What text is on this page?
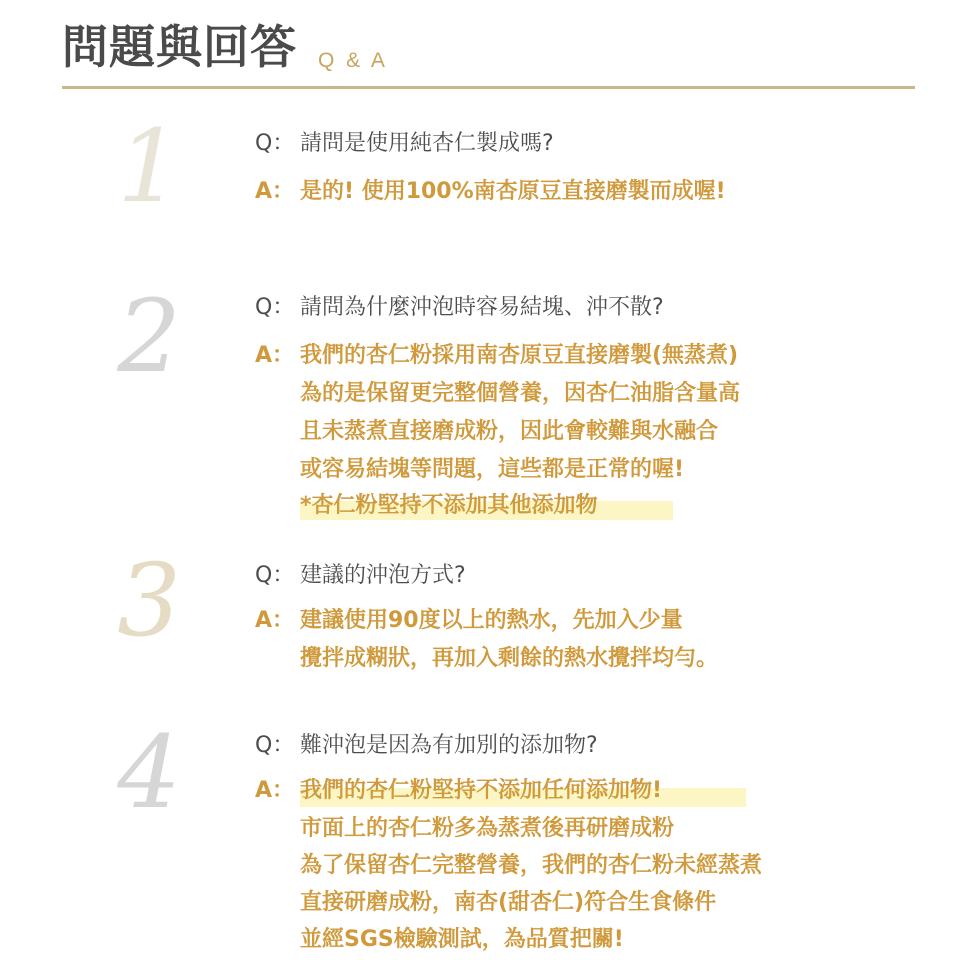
問題與回答 Q & A
1	Q： 請問是使用純杏仁製成嗎?
A： 是的! 使用100%南杏原豆直接磨製而成喔!
2	Q： 請問為什麼沖泡時容易結塊、沖不散?
A： 我們的杏仁粉採用南杏原豆直接磨製(無蒸煮)
為的是保留更完整個營養，因杏仁油脂含量高
且未蒸煮直接磨成粉，因此會較難與水融合
或容易結塊等問題，這些都是正常的喔!
*杏仁粉堅持不添加其他添加物
3	Q： 建議的沖泡方式?
A： 建議使用90度以上的熱水，先加入少量
攪拌成糊狀，再加入剩餘的熱水攪拌均勻。
4	Q： 難沖泡是因為有加別的添加物?
A： 我們的杏仁粉堅持不添加任何添加物!
市面上的杏仁粉多為蒸煮後再研磨成粉
為了保留杏仁完整營養，我們的杏仁粉未經蒸煮
直接研磨成粉，南杏(甜杏仁)符合生食條件
並經SGS檢驗測試，為品質把關!
